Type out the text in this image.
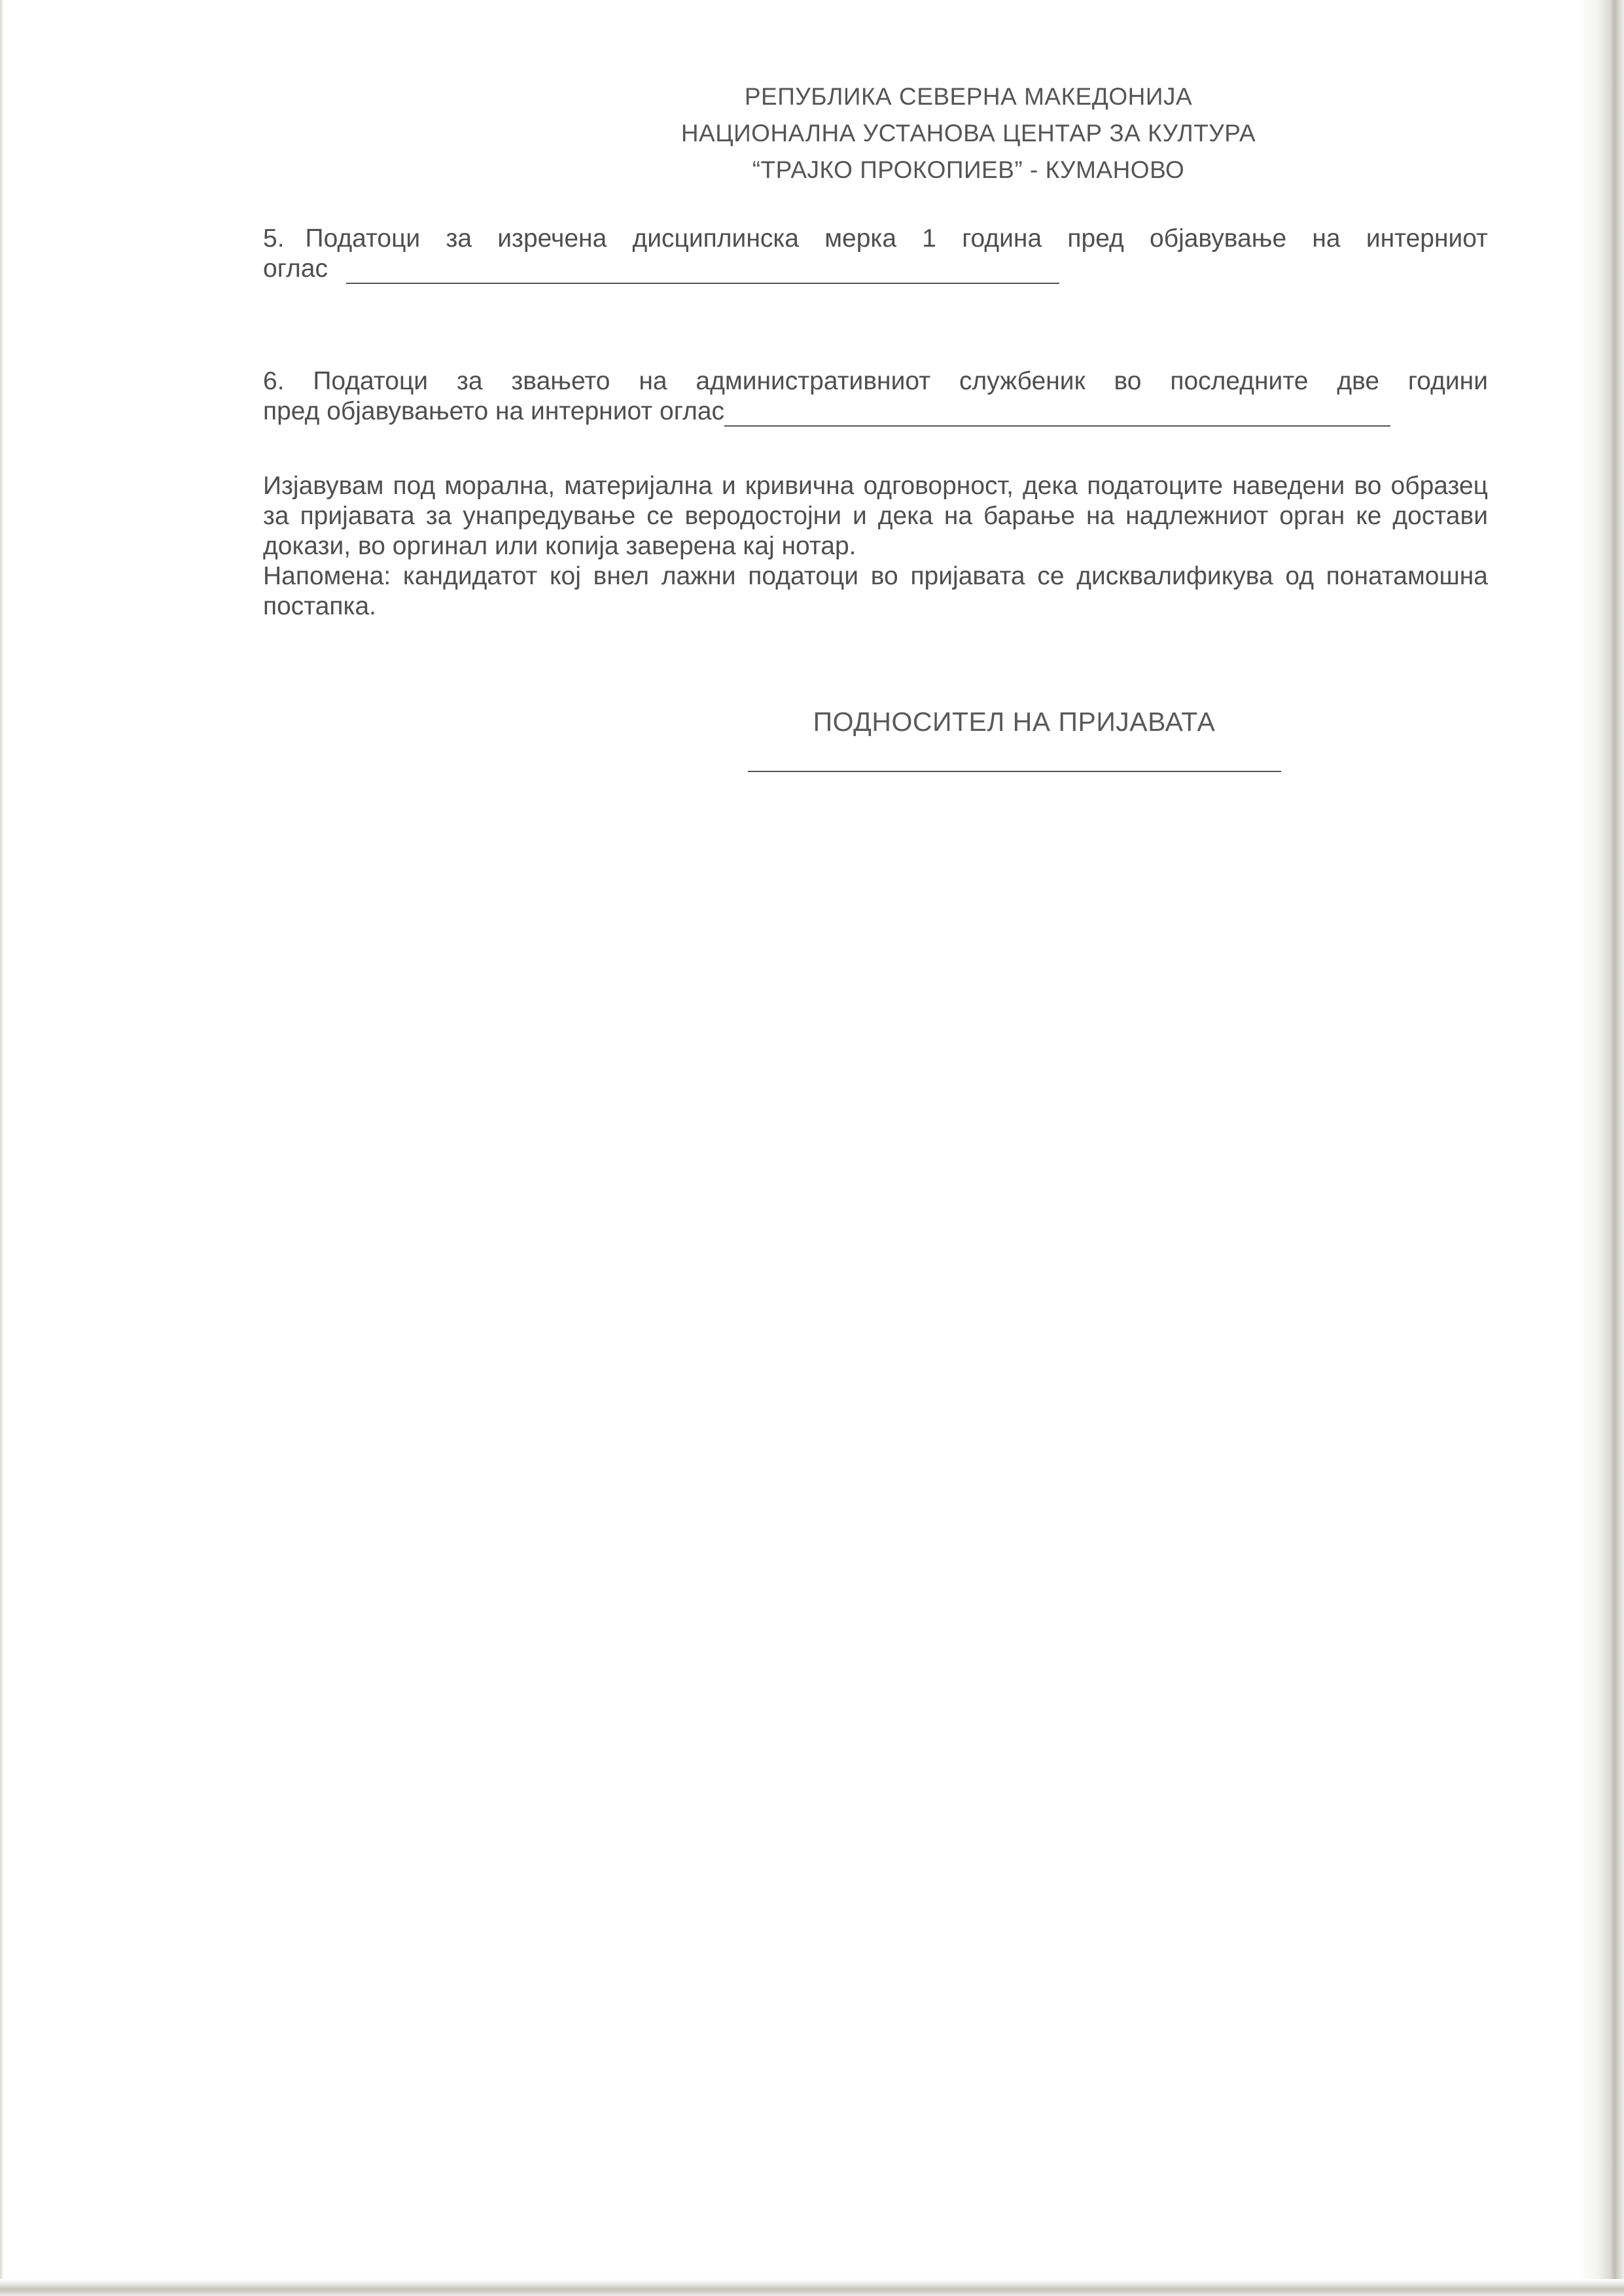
РЕПУБЛИКА СЕВЕРНА МАКЕДОНИЈА
НАЦИОНАЛНА УСТАНОВА ЦЕНТАР ЗА КУЛТУРА
“ТРАЈКО ПРОКОПИЕВ” - КУМАНОВО
5. Податоци за изречена дисциплинска мерка 1 година пред објавување на интерниот
оглас
6. Податоци за звањето на административниот службеник во последните две години
пред објавувањето на интерниот оглас
Изјавувам под морална, материјална и кривична одговорност, дека податоците наведени во образец за пријавата за унапредување се веродостојни и дека на барање на надлежниот орган ке достави докази, во оргинал или копија заверена кај нотар.
Напомена: кандидатот кој внел лажни податоци во пријавата се дисквалификува од понатамошна постапка.
ПОДНОСИТЕЛ НА ПРИЈАВАТА
